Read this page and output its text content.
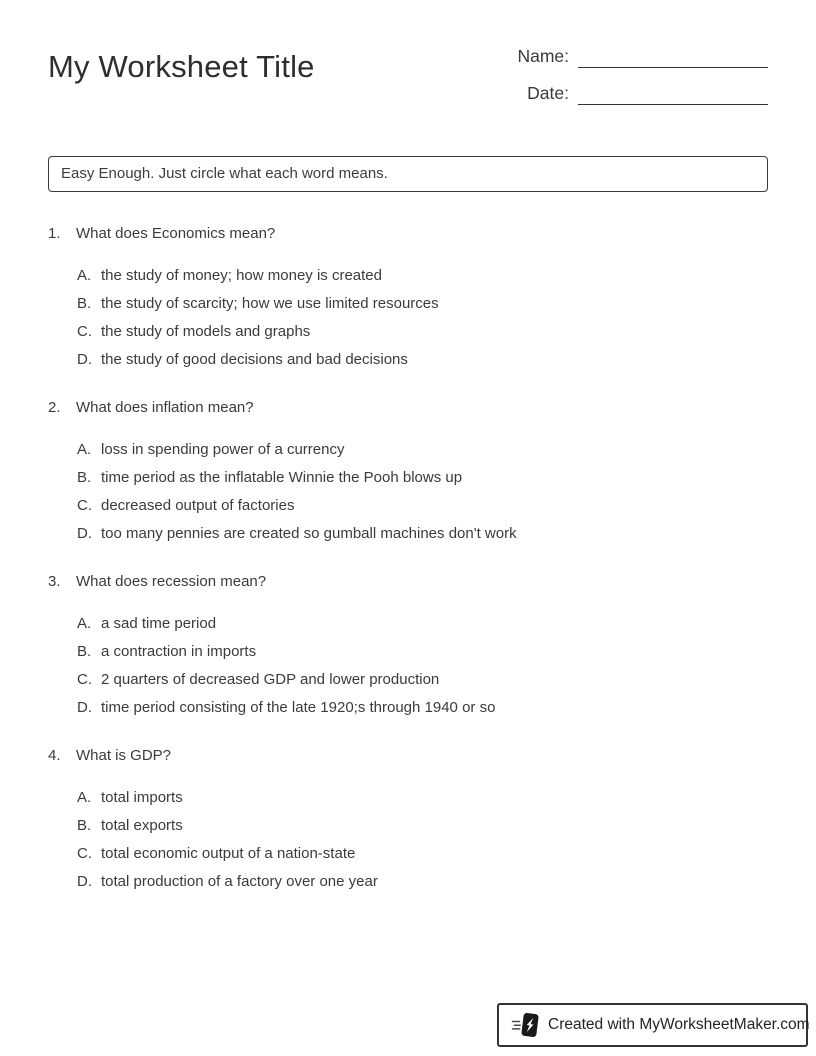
My Worksheet Title	Name:
Date:
Easy Enough. Just circle what each word means.
1.	What does Economics mean?
A. the study of money; how money is created
B. the study of scarcity; how we use limited resources
C. the study of models and graphs
D. the study of good decisions and bad decisions
2.	What does inflation mean?
A. loss in spending power of a currency
B. time period as the inflatable Winnie the Pooh blows up
C. decreased output of factories
D. too many pennies are created so gumball machines don't work
3.	What does recession mean?
A. a sad time period
B. a contraction in imports
C. 2 quarters of decreased GDP and lower production
D. time period consisting of the late 1920;s through 1940 or so
4.	What is GDP?
A. total imports
B. total exports
C. total economic output of a nation-state
D. total production of a factory over one year
Created with MyWorksheetMaker.com
